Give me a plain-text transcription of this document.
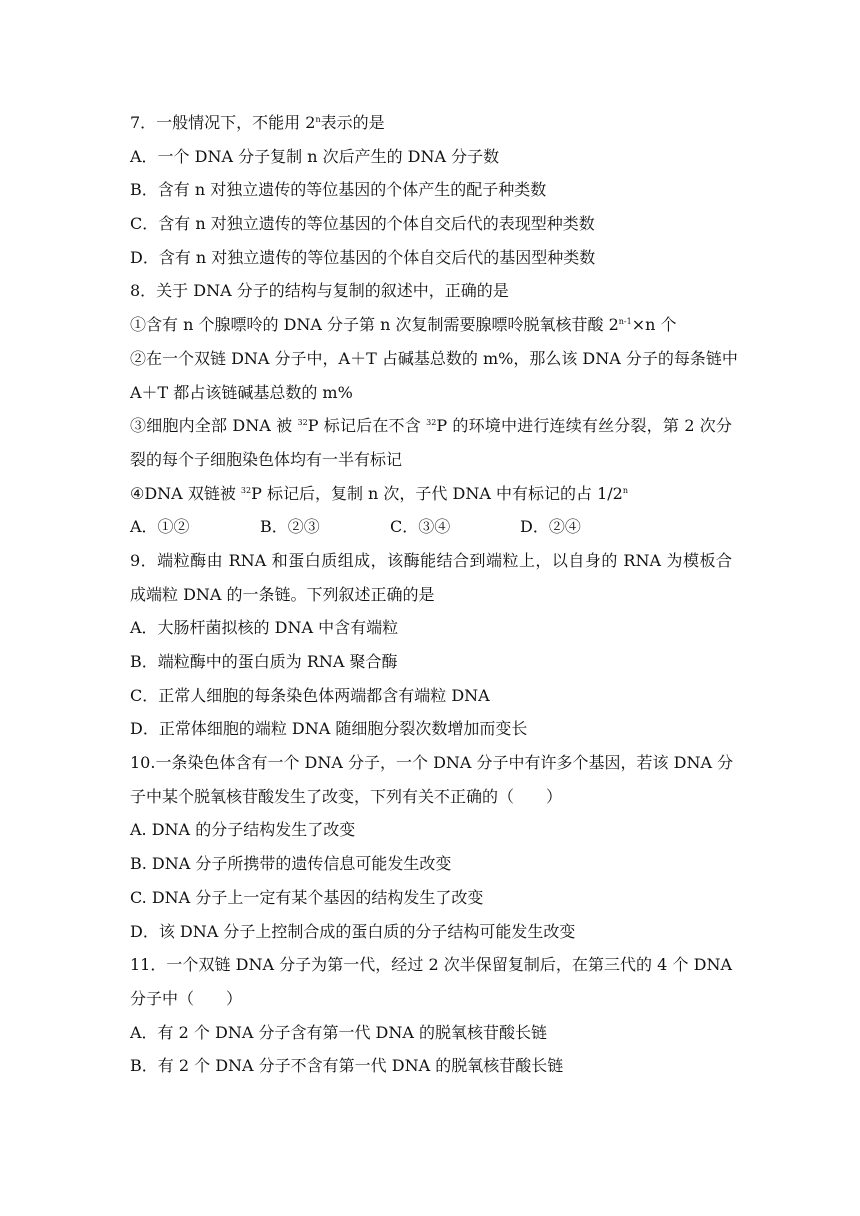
7．一般情况下，不能用 2$^n$表示的是
A．一个 DNA 分子复制 n 次后产生的 DNA 分子数
B．含有 n 对独立遗传的等位基因的个体产生的配子种类数
C．含有 n 对独立遗传的等位基因的个体自交后代的表现型种类数
D．含有 n 对独立遗传的等位基因的个体自交后代的基因型种类数
8．关于 DNA 分子的结构与复制的叙述中，正确的是
①含有 n 个腺嘌呤的 DNA 分子第 n 次复制需要腺嘌呤脱氧核苷酸 $2^{n-1}\times n$ 个
②在一个双链 DNA 分子中，A＋T 占碱基总数的 m%，那么该 DNA 分子的每条链中
A＋T 都占该链碱基总数的 m%
③细胞内全部 DNA 被 $^{32}$P 标记后在不含 $^{32}$P 的环境中进行连续有丝分裂，第 2 次分
裂的每个子细胞染色体均有一半有标记
④DNA 双链被 $^{32}$P 标记后，复制 n 次，子代 DNA 中有标记的占 1/2$^n$
A．①②	B．②③	C．③④	D．②④
9．端粒酶由 RNA 和蛋白质组成，该酶能结合到端粒上，以自身的 RNA 为模板合
成端粒 DNA 的一条链。下列叙述正确的是
A．大肠杆菌拟核的 DNA 中含有端粒
B．端粒酶中的蛋白质为 RNA 聚合酶
C．正常人细胞的每条染色体两端都含有端粒 DNA
D．正常体细胞的端粒 DNA 随细胞分裂次数增加而变长
10.一条染色体含有一个 DNA 分子，一个 DNA 分子中有许多个基因，若该 DNA 分
子中某个脱氧核苷酸发生了改变，下列有关不正确的（　　）
A. DNA 的分子结构发生了改变
B. DNA 分子所携带的遗传信息可能发生改变
C. DNA 分子上一定有某个基因的结构发生了改变
D．该 DNA 分子上控制合成的蛋白质的分子结构可能发生改变
11．一个双链 DNA 分子为第一代，经过 2 次半保留复制后，在第三代的 4 个 DNA
分子中（　　）
A．有 2 个 DNA 分子含有第一代 DNA 的脱氧核苷酸长链
B．有 2 个 DNA 分子不含有第一代 DNA 的脱氧核苷酸长链
